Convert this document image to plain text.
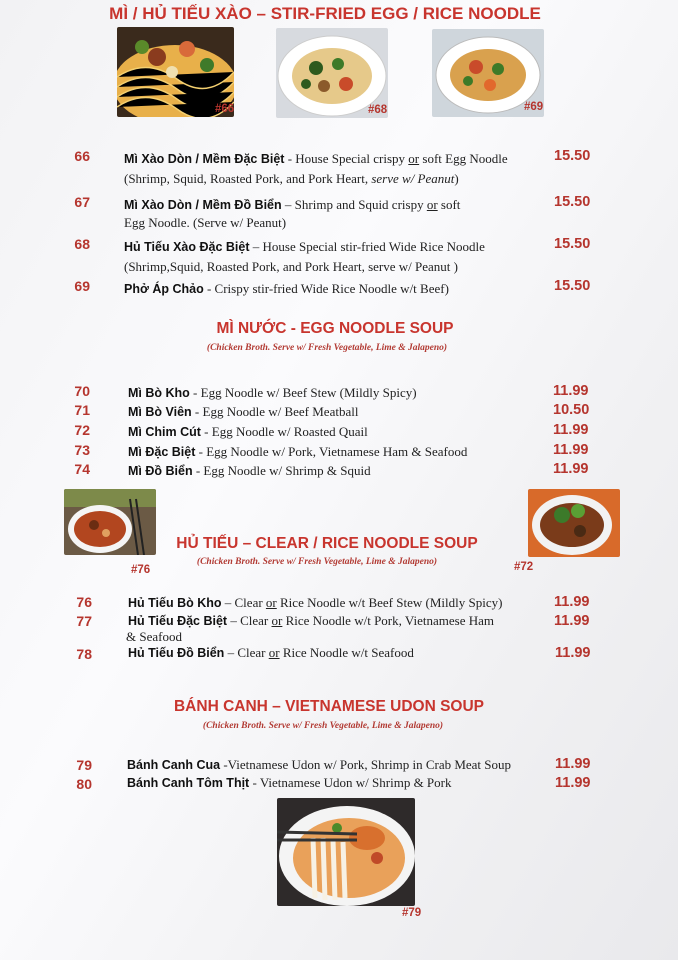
MÌ / HỦ TIẾU XÀO – STIR-FRIED EGG / RICE NOODLE
#66	#68	#69
66	Mì Xào Dòn / Mềm Đặc Biệt - House Special crispy or soft Egg Noodle
(Shrimp, Squid, Roasted Pork, and Pork Heart, serve w/ Peanut)
15.50
67	Mì Xào Dòn / Mềm Đồ Biển – Shrimp and Squid crispy or soft
Egg Noodle. (Serve w/ Peanut)
15.50
68	Hủ Tiếu Xào Đặc Biệt – House Special stir-fried Wide Rice Noodle
(Shrimp,Squid, Roasted Pork, and Pork Heart, serve w/ Peanut )
15.50
69	Phở Áp Chảo - Crispy stir-fried Wide Rice Noodle w/t Beef)	15.50
MÌ NƯỚC - EGG NOODLE SOUP
(Chicken Broth. Serve w/ Fresh Vegetable, Lime & Jalapeno)
70	Mì Bò Kho - Egg Noodle w/ Beef Stew (Mildly Spicy)	11.99
71	Mì Bò Viên - Egg Noodle w/ Beef Meatball	10.50
72	Mì Chim Cút - Egg Noodle w/ Roasted Quail	11.99
73	Mì Đặc Biệt - Egg Noodle w/ Pork, Vietnamese Ham & Seafood	11.99
74	Mì Đồ Biển - Egg Noodle w/ Shrimp & Squid	11.99
#76	#72
HỦ TIẾU – CLEAR / RICE NOODLE SOUP
(Chicken Broth. Serve w/ Fresh Vegetable, Lime & Jalapeno)
76	Hủ Tiếu Bò Kho – Clear or Rice Noodle w/t Beef Stew (Mildly Spicy)	11.99
77	Hủ Tiếu Đặc Biệt – Clear or Rice Noodle w/t Pork, Vietnamese Ham
& Seafood
11.99
78	Hủ Tiếu Đồ Biển – Clear or Rice Noodle w/t Seafood	11.99
BÁNH CANH – VIETNAMESE UDON SOUP
(Chicken Broth. Serve w/ Fresh Vegetable, Lime & Jalapeno)
79	Bánh Canh Cua -Vietnamese Udon w/ Pork, Shrimp in Crab Meat Soup	11.99
80	Bánh Canh Tôm Thịt - Vietnamese Udon w/ Shrimp & Pork	11.99
#79
